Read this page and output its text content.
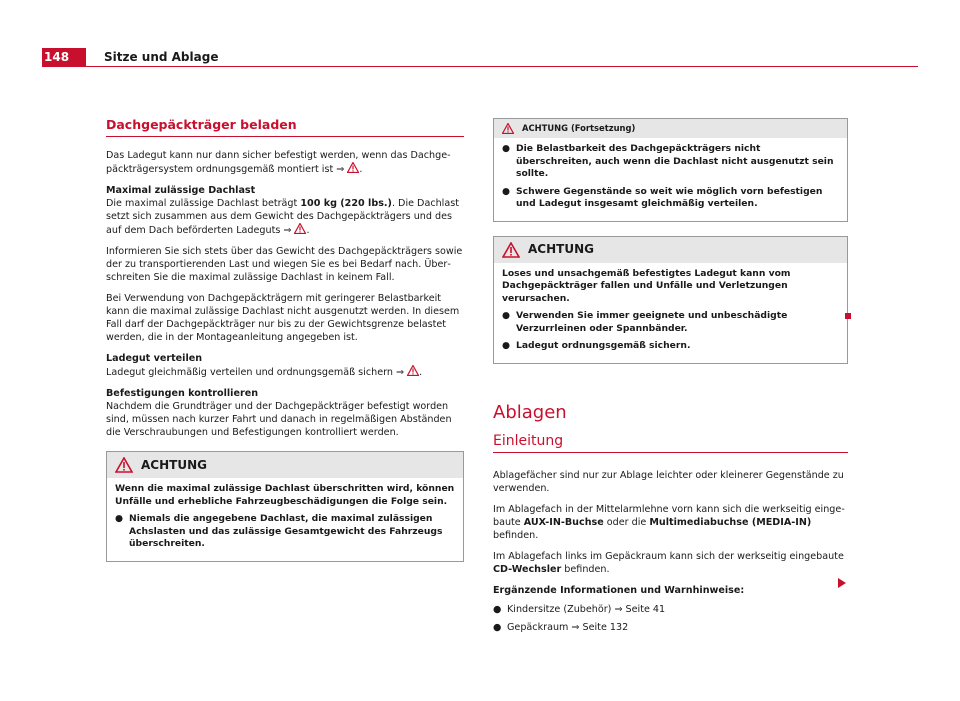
148	Sitze und Ablage
Dachgepäckträger beladen

Das Ladegut kann nur dann sicher befestigt werden, wenn das Dachgepäckträgersystem ordnungsgemäß montiert ist ⇒ .

Maximal zulässige Dachlast

Die maximal zulässige Dachlast beträgt 100 kg (220 lbs.). Die Dachlast setzt sich zusammen aus dem Gewicht des Dachgepäckträgers und des auf dem Dach beförderten Ladeguts ⇒ .

Informieren Sie sich stets über das Gewicht des Dachgepäckträgers sowie der zu transportierenden Last und wiegen Sie es bei Bedarf nach. Überschreiten Sie die maximal zulässige Dachlast in keinem Fall.

Bei Verwendung von Dachgepäckträgern mit geringerer Belastbarkeit kann die maximal zulässige Dachlast nicht ausgenutzt werden. In diesem Fall darf der Dachgepäckträger nur bis zu der Gewichtsgrenze belastet werden, die in der Montageanleitung angegeben ist.

Ladegut verteilen

Ladegut gleichmäßig verteilen und ordnungsgemäß sichern ⇒ .

Befestigungen kontrollieren

Nachdem die Grundträger und der Dachgepäckträger befestigt worden sind, müssen nach kurzer Fahrt und danach in regelmäßigen Abständen die Verschraubungen und Befestigungen kontrolliert werden.

ACHTUNG

Wenn die maximal zulässige Dachlast überschritten wird, können Unfälle und erhebliche Fahrzeugbeschädigungen die Folge sein.

● Niemals die angegebene Dachlast, die maximal zulässigen Achslasten und das zulässige Gesamtgewicht des Fahrzeugs überschreiten.
ACHTUNG (Fortsetzung)
● Die Belastbarkeit des Dachgepäckträgers nicht überschreiten, auch wenn die Dachlast nicht ausgenutzt sein sollte.
● Schwere Gegenstände so weit wie möglich vorn befestigen und Ladegut insgesamt gleichmäßig verteilen.
ACHTUNG

Loses und unsachgemäß befestigtes Ladegut kann vom Dachgepäckträger fallen und Unfälle und Verletzungen verursachen.

● Verwenden Sie immer geeignete und unbeschädigte Verzurrleinen oder Spannbänder.
● Ladegut ordnungsgemäß sichern.
Ablagen
Einleitung

Ablagefächer sind nur zur Ablage leichter oder kleinerer Gegenstände zu verwenden.

Im Ablagefach in der Mittelarmlehne vorn kann sich die werkseitig eingebaute AUX-IN-Buchse oder die Multimediabuchse (MEDIA-IN) befinden.

Im Ablagefach links im Gepäckraum kann sich der werkseitig eingebaute CD-Wechsler befinden.

Ergänzende Informationen und Warnhinweise:

● Kindersitze (Zubehör) ⇒ Seite 41
● Gepäckraum ⇒ Seite 132
